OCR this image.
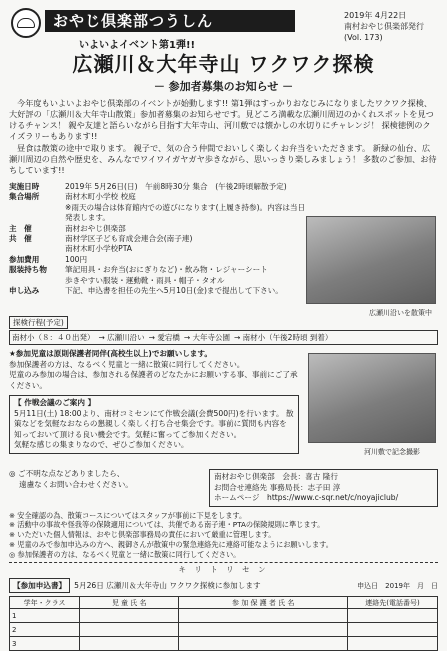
おやじ倶楽部つうしん	2019年 4月22日
南村おやじ倶楽部発行
(Vol. 173)
いよいよイベント第1弾!!
広瀬川＆大年寺山 ワクワク探検
－ 参加者募集のお知らせ －

今年度もいよいよおやじ倶楽部のイベントが始動します!! 第1弾はすっかりおなじみになりましたワクワク探検、大好評の「広瀬川＆大年寺山散策」参加者募集のお知らせです。見どころ満載な広瀬川周辺のかくれスポットを見つけるチャンス！ 親や友達と語らいながら目指す大年寺山、河川敷では懐かしの水切りにチャレンジ！ 探検徳例のクイズラリーもあります!!

昼食は散策の途中で取ります。 親子で、気の合う仲間でおいしく楽しくお弁当をいただきます。 新緑の仙台、広瀬川周辺の自然や歴史を、みんなでワイワイガヤガヤ歩きながら、思いっきり楽しみましょう！ 多数のご参加、お待ちしています!!

実施日時	2019年 5月26日(日)　午前8時30分 集合　(午後2時頃解散予定)
集合場所	南材木町小学校 校庭
※雨天の場合は体育館内での遊びになります(上履き持参)。内容は当日発表します。
主　催	南材おやじ倶楽部
共　催	南材学区子ども育成会連合会(南子連)
南材木町小学校PTA
参加費用	100円
服装持ち物	筆記用具・お弁当(おにぎりなど)・飲み物・レジャーシート
歩きやすい服装・運動靴・雨具・帽子・タオル
申し込み	下記、申込書を担任の先生へ5月10日(金)まで提出して下さい。
広瀬川沿いを散策中
探検行程(予定)
南材小（８：４０出発） → 広瀬川沿い → 愛宕橋 → 大年寺公園 → 南材小（午後2時頃 到着）
★参加児童は原則保護者同伴(高校生以上)でお願いします。
参加保護者の方は、なるべく児童と一緒に散策に同行してください。
児童のみ参加の場合は、参加される保護者のどなたかにお願いする事、事前にご了承ください。
【 作戦会議のご案内 】
5月11日(土) 18:00より、南材コミセンにて作戦会議(会費500円)を行います。 散策などを気軽なおならの懇親しく楽しく打ち合せ集会です。事前に質問も内容を知っておいて頂ける良い機会です。気軽に奮ってご参加ください。
気軽な感じの集まりなので、ぜひご参加ください。
河川敷で記念撮影
◎ ご不明な点などありましたら、
遠慮なくお問い合わせください。
南材おやじ倶楽部　会長：喜古 隆行
お問合せ連絡先 事務局長：志子田 淳
ホームページ　https://www.c-sqr.net/c/noyajiclub/
※ 安全確認の為、散策コースについてはスタッフが事前に下見をします。
※ 活動中の事故や怪我等の保険適用については、共催である南子連・PTAの保険規則に準じます。
※ いただいた個人情報は、おやじ倶楽部事務局の責任において厳重に管理します。
※ 児童のみで参加申込みの方へ、親御さんが散策中の緊急連絡先に連絡可能なようにお願いします。
◎ 参加保護者の方は、なるべく児童と一緒に散策に同行してください。
キ リ ト リ セ ン
【参加申込書】	5月26日 広瀬川＆大年寺山 ワクワク探検に参加します	申込日　2019年　月　日
学年・クラス	児 童 氏 名	参 加 保 護 者 氏 名	連絡先(電話番号)
1			
2			
3			
